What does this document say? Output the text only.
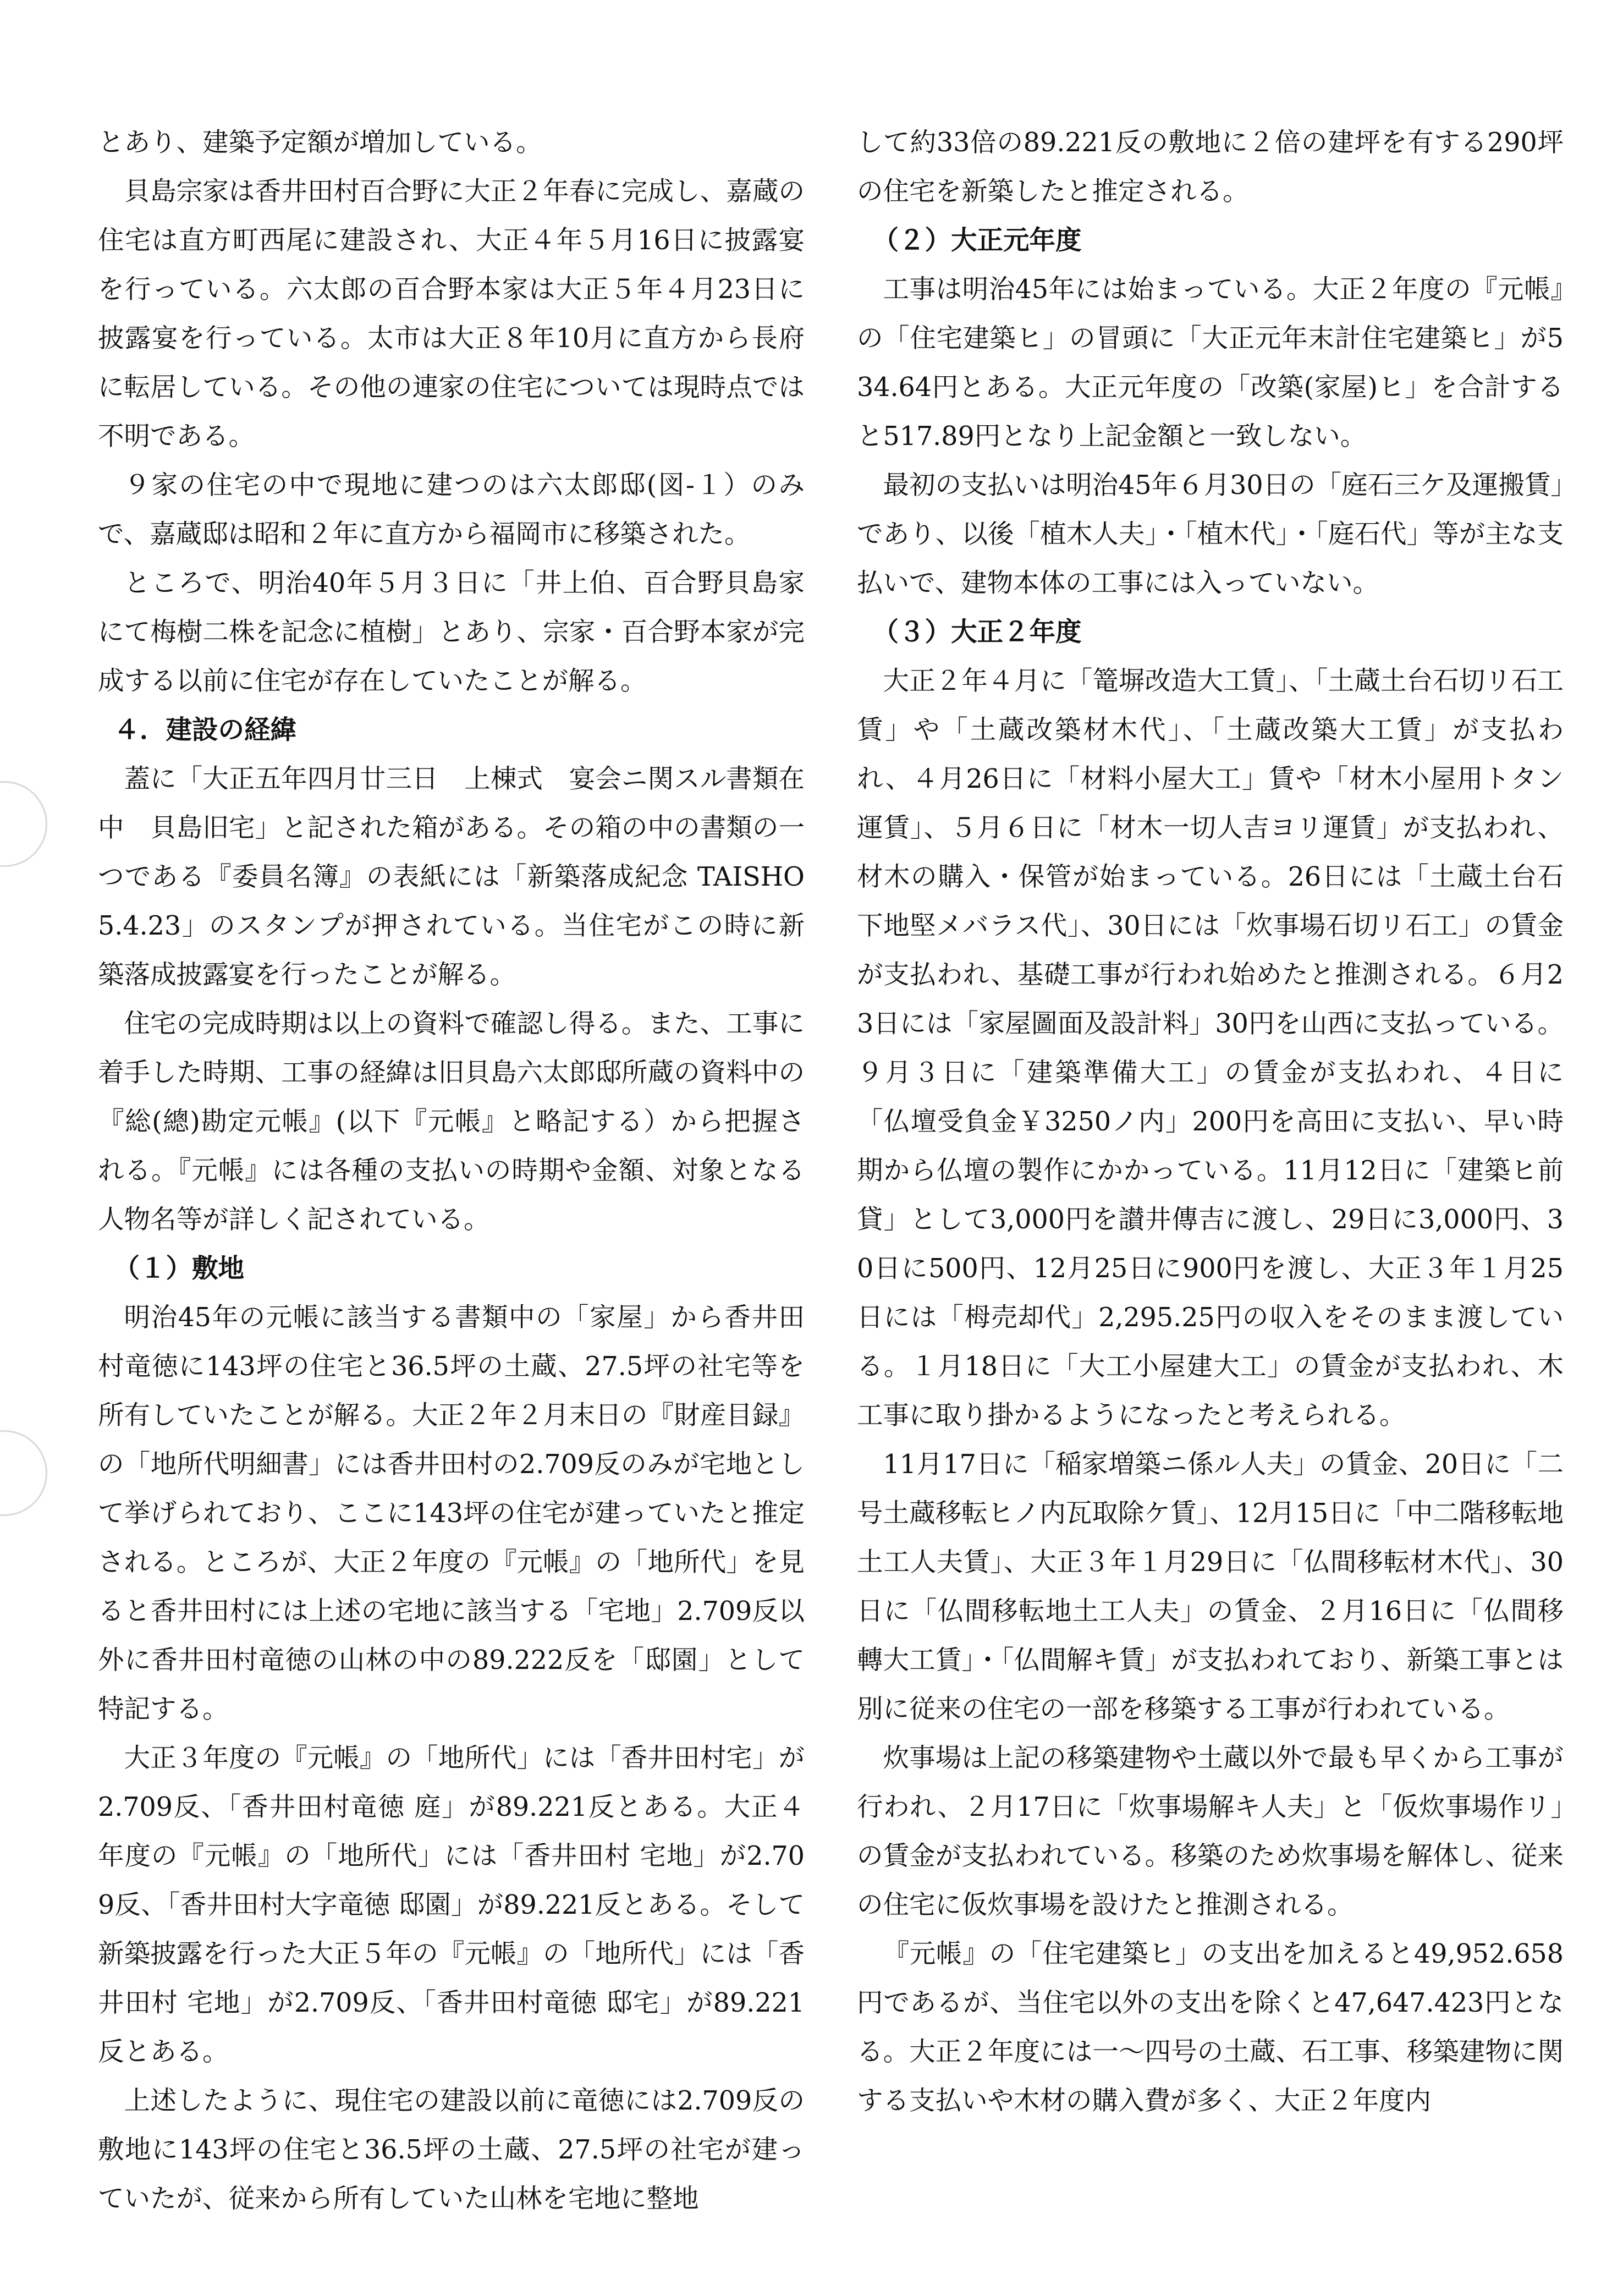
とあり、建築予定額が増加している。

貝島宗家は香井田村百合野に大正２年春に完成し、嘉蔵の住宅は直方町西尾に建設され、大正４年５月16日に披露宴を行っている。六太郎の百合野本家は大正５年４月23日に披露宴を行っている。太市は大正８年10月に直方から長府に転居している。その他の連家の住宅については現時点では不明である。

９家の住宅の中で現地に建つのは六太郎邸(図-１）のみで、嘉蔵邸は昭和２年に直方から福岡市に移築された。

ところで、明治40年５月３日に「井上伯、百合野貝島家にて梅樹二株を記念に植樹」とあり、宗家・百合野本家が完成する以前に住宅が存在していたことが解る。

４．建設の経緯

蓋に「大正五年四月廿三日　上棟式　宴会ニ関スル書類在中　貝島旧宅」と記された箱がある。その箱の中の書類の一つである『委員名簿』の表紙には「新築落成紀念 TAISHO 5.4.23」のスタンプが押されている。当住宅がこの時に新築落成披露宴を行ったことが解る。

住宅の完成時期は以上の資料で確認し得る。また、工事に着手した時期、工事の経緯は旧貝島六太郎邸所蔵の資料中の『総(總)勘定元帳』(以下『元帳』と略記する）から把握される。『元帳』には各種の支払いの時期や金額、対象となる人物名等が詳しく記されている。

（１）敷地

明治45年の元帳に該当する書類中の「家屋」から香井田村竜徳に143坪の住宅と36.5坪の土蔵、27.5坪の社宅等を所有していたことが解る。大正２年２月末日の『財産目録』の「地所代明細書」には香井田村の2.709反のみが宅地として挙げられており、ここに143坪の住宅が建っていたと推定される。ところが、大正２年度の『元帳』の「地所代」を見ると香井田村には上述の宅地に該当する「宅地」2.709反以外に香井田村竜徳の山林の中の89.222反を「邸園」として特記する。

大正３年度の『元帳』の「地所代」には「香井田村宅」が2.709反、「香井田村竜徳 庭」が89.221反とある。大正４年度の『元帳』の「地所代」には「香井田村 宅地」が2.709反、「香井田村大字竜徳 邸園」が89.221反とある。そして新築披露を行った大正５年の『元帳』の「地所代」には「香井田村 宅地」が2.709反、「香井田村竜徳 邸宅」が89.221反とある。

上述したように、現住宅の建設以前に竜徳には2.709反の敷地に143坪の住宅と36.5坪の土蔵、27.5坪の社宅が建っていたが、従来から所有していた山林を宅地に整地

して約33倍の89.221反の敷地に２倍の建坪を有する290坪の住宅を新築したと推定される。

（２）大正元年度

工事は明治45年には始まっている。大正２年度の『元帳』の「住宅建築ヒ」の冒頭に「大正元年末計住宅建築ヒ」が534.64円とある。大正元年度の「改築(家屋)ヒ」を合計すると517.89円となり上記金額と一致しない。

最初の支払いは明治45年６月30日の「庭石三ケ及運搬賃」であり、以後「植木人夫」・「植木代」・「庭石代」等が主な支払いで、建物本体の工事には入っていない。

（３）大正２年度

大正２年４月に「篭塀改造大工賃」、「土蔵土台石切リ石工賃」や「土蔵改築材木代」、「土蔵改築大工賃」が支払われ、４月26日に「材料小屋大工」賃や「材木小屋用トタン運賃」、５月６日に「材木一切人吉ヨリ運賃」が支払われ、材木の購入・保管が始まっている。26日には「土蔵土台石下地堅メバラス代」、30日には「炊事場石切リ石工」の賃金が支払われ、基礎工事が行われ始めたと推測される。６月23日には「家屋圖面及設計料」30円を山西に支払っている。９月３日に「建築準備大工」の賃金が支払われ、４日に「仏壇受負金￥3250ノ内」200円を高田に支払い、早い時期から仏壇の製作にかかっている。11月12日に「建築ヒ前貸」として3,000円を讃井傳吉に渡し、29日に3,000円、30日に500円、12月25日に900円を渡し、大正３年１月25日には「栂売却代」2,295.25円の収入をそのまま渡している。１月18日に「大工小屋建大工」の賃金が支払われ、木工事に取り掛かるようになったと考えられる。

11月17日に「稲家増築ニ係ル人夫」の賃金、20日に「二号土蔵移転ヒノ内瓦取除ケ賃」、12月15日に「中二階移転地土工人夫賃」、大正３年１月29日に「仏間移転材木代」、30日に「仏間移転地土工人夫」の賃金、２月16日に「仏間移轉大工賃」・「仏間解キ賃」が支払われており、新築工事とは別に従来の住宅の一部を移築する工事が行われている。

炊事場は上記の移築建物や土蔵以外で最も早くから工事が行われ、２月17日に「炊事場解キ人夫」と「仮炊事場作リ」の賃金が支払われている。移築のため炊事場を解体し、従来の住宅に仮炊事場を設けたと推測される。

『元帳』の「住宅建築ヒ」の支出を加えると49,952.658円であるが、当住宅以外の支出を除くと47,647.423円となる。大正２年度には一〜四号の土蔵、石工事、移築建物に関する支払いや木材の購入費が多く、大正２年度内
